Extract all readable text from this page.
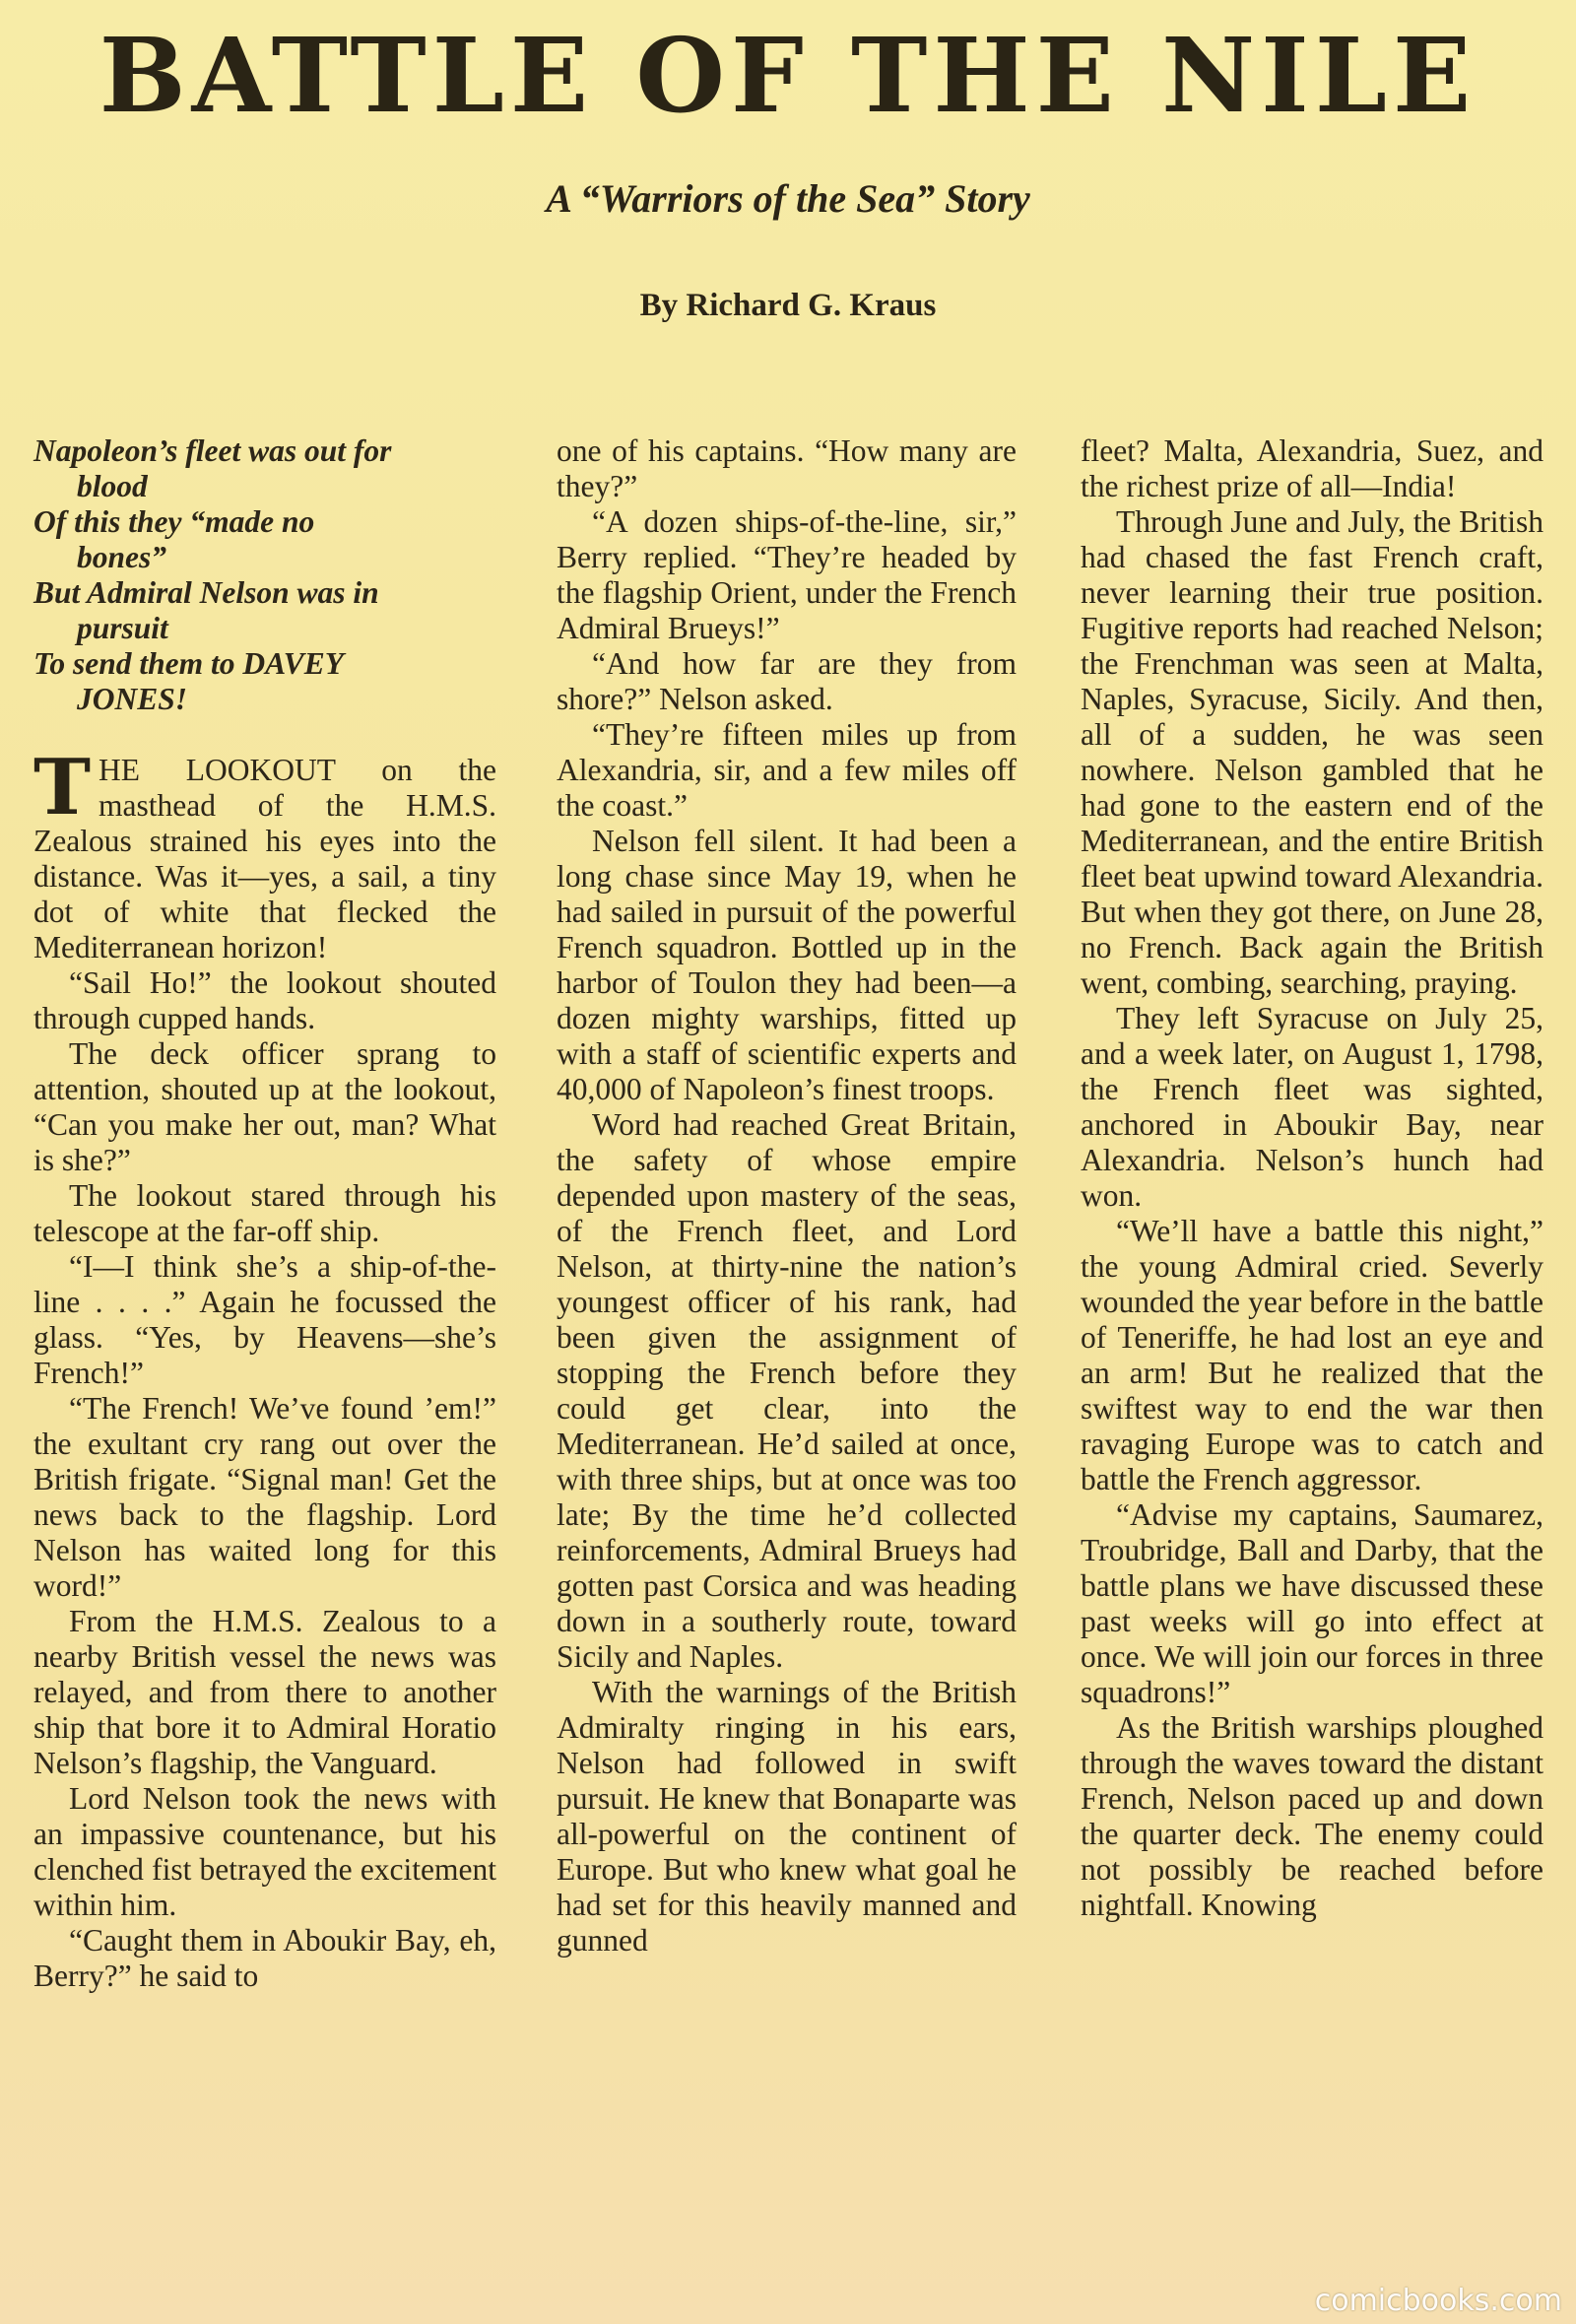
BATTLE OF THE NILE
A “Warriors of the Sea” Story
By Richard G. Kraus
Napoleon’s fleet was out for
blood
Of this they “made no
bones”
But Admiral Nelson was in
pursuit
To send them to DAVEY
JONES!

THE LOOKOUT on the masthead of the H.M.S. Zealous strained his eyes into the distance. Was it—yes, a sail, a tiny dot of white that flecked the Mediterranean horizon!

“Sail Ho!” the lookout shouted through cupped hands.

The deck officer sprang to attention, shouted up at the lookout, “Can you make her out, man? What is she?”

The lookout stared through his telescope at the far-off ship.

“I—I think she’s a ship-of-the-line . . . .” Again he focussed the glass. “Yes, by Heavens—she’s French!”

“The French! We’ve found ’em!” the exultant cry rang out over the British frigate. “Signal man! Get the news back to the flagship. Lord Nelson has waited long for this word!”

From the H.M.S. Zealous to a nearby British vessel the news was relayed, and from there to another ship that bore it to Admiral Horatio Nelson’s flagship, the Vanguard.

Lord Nelson took the news with an impassive countenance, but his clenched fist betrayed the excitement within him.

“Caught them in Aboukir Bay, eh, Berry?” he said to

one of his captains. “How many are they?”

“A dozen ships-of-the-line, sir,” Berry replied. “They’re headed by the flagship Orient, under the French Admiral Brueys!”

“And how far are they from shore?” Nelson asked.

“They’re fifteen miles up from Alexandria, sir, and a few miles off the coast.”

Nelson fell silent. It had been a long chase since May 19, when he had sailed in pursuit of the powerful French squadron. Bottled up in the harbor of Toulon they had been—a dozen mighty warships, fitted up with a staff of scientific experts and 40,000 of Napoleon’s finest troops.

Word had reached Great Britain, the safety of whose empire depended upon mastery of the seas, of the French fleet, and Lord Nelson, at thirty-nine the nation’s youngest officer of his rank, had been given the assignment of stopping the French before they could get clear, into the Mediterranean. He’d sailed at once, with three ships, but at once was too late; By the time he’d collected reinforcements, Admiral Brueys had gotten past Corsica and was heading down in a southerly route, toward Sicily and Naples.

With the warnings of the British Admiralty ringing in his ears, Nelson had followed in swift pursuit. He knew that Bonaparte was all-powerful on the continent of Europe. But who knew what goal he had set for this heavily manned and gunned

fleet? Malta, Alexandria, Suez, and the richest prize of all—India!

Through June and July, the British had chased the fast French craft, never learning their true position. Fugitive reports had reached Nelson; the Frenchman was seen at Malta, Naples, Syracuse, Sicily. And then, all of a sudden, he was seen nowhere. Nelson gambled that he had gone to the eastern end of the Mediterranean, and the entire British fleet beat upwind toward Alexandria. But when they got there, on June 28, no French. Back again the British went, combing, searching, praying.

They left Syracuse on July 25, and a week later, on August 1, 1798, the French fleet was sighted, anchored in Aboukir Bay, near Alexandria. Nelson’s hunch had won.

“We’ll have a battle this night,” the young Admiral cried. Severly wounded the year before in the battle of Teneriffe, he had lost an eye and an arm! But he realized that the swiftest way to end the war then ravaging Europe was to catch and battle the French aggressor.

“Advise my captains, Saumarez, Troubridge, Ball and Darby, that the battle plans we have discussed these past weeks will go into effect at once. We will join our forces in three squadrons!”

As the British warships ploughed through the waves toward the distant French, Nelson paced up and down the quarter deck. The enemy could not possibly be reached before nightfall. Knowing

comicbooks.com
